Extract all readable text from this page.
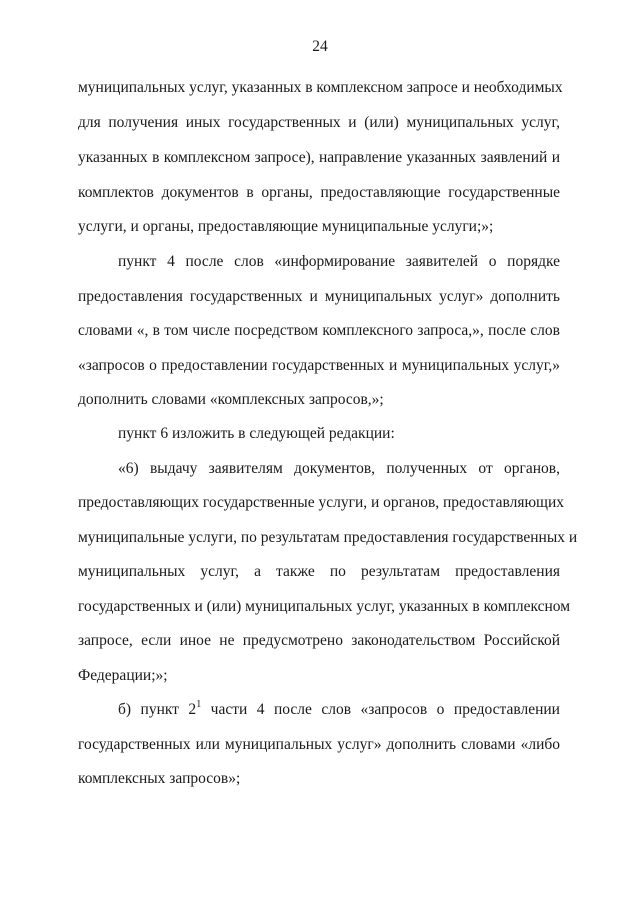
24
муниципальных услуг, указанных в комплексном запросе и необходимых
для получения иных государственных и (или) муниципальных услуг,
указанных в комплексном запросе), направление указанных заявлений и
комплектов документов в органы, предоставляющие государственные
услуги, и органы, предоставляющие муниципальные услуги;»;
пункт 4 после слов «информирование заявителей о порядке
предоставления государственных и муниципальных услуг» дополнить
словами «, в том числе посредством комплексного запроса,», после слов
«запросов о предоставлении государственных и муниципальных услуг,»
дополнить словами «комплексных запросов,»;
пункт 6 изложить в следующей редакции:
«6) выдачу заявителям документов, полученных от органов,
предоставляющих государственные услуги, и органов, предоставляющих
муниципальные услуги, по результатам предоставления государственных и
муниципальных услуг, а также по результатам предоставления
государственных и (или) муниципальных услуг, указанных в комплексном
запросе, если иное не предусмотрено законодательством Российской
Федерации;»;
б) пункт $2^1$ части 4 после слов «запросов о предоставлении
государственных или муниципальных услуг» дополнить словами «либо
комплексных запросов»;
